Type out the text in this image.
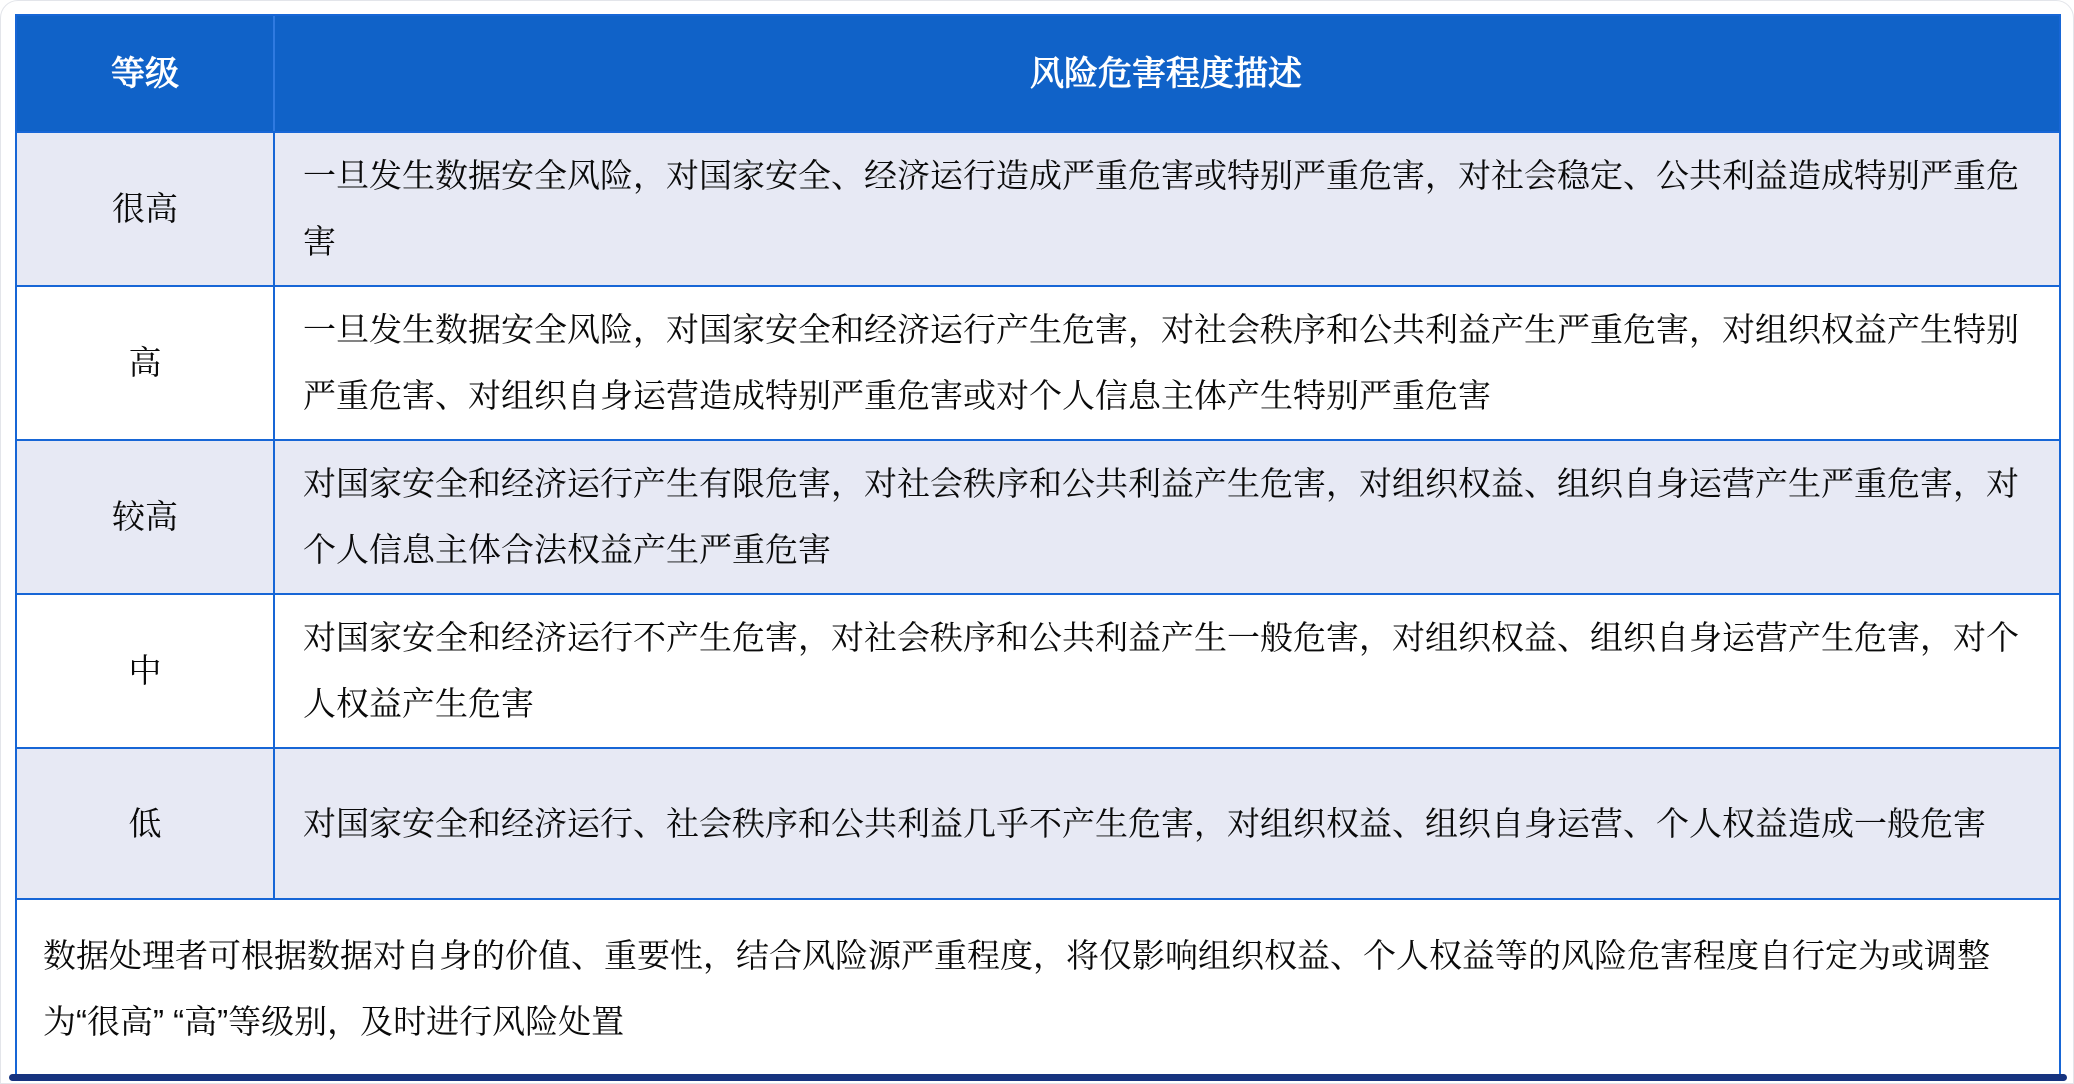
等级	风险危害程度描述
很高
一旦发生数据安全风险，对国家安全、经济运行造成严重危害或特别严重危害，对社会稳定、公共利益造成特别严重危害
高
一旦发生数据安全风险，对国家安全和经济运行产生危害，对社会秩序和公共利益产生严重危害，对组织权益产生特别严重危害、对组织自身运营造成特别严重危害或对个人信息主体产生特别严重危害
较高
对国家安全和经济运行产生有限危害，对社会秩序和公共利益产生危害，对组织权益、组织自身运营产生严重危害，对个人信息主体合法权益产生严重危害
中
对国家安全和经济运行不产生危害，对社会秩序和公共利益产生一般危害，对组织权益、组织自身运营产生危害，对个人权益产生危害
低	对国家安全和经济运行、社会秩序和公共利益几乎不产生危害，对组织权益、组织自身运营、个人权益造成一般危害
数据处理者可根据数据对自身的价值、重要性，结合风险源严重程度，将仅影响组织权益、个人权益等的风险危害程度自行定为或调整为“很高” “高”等级别，及时进行风险处置
